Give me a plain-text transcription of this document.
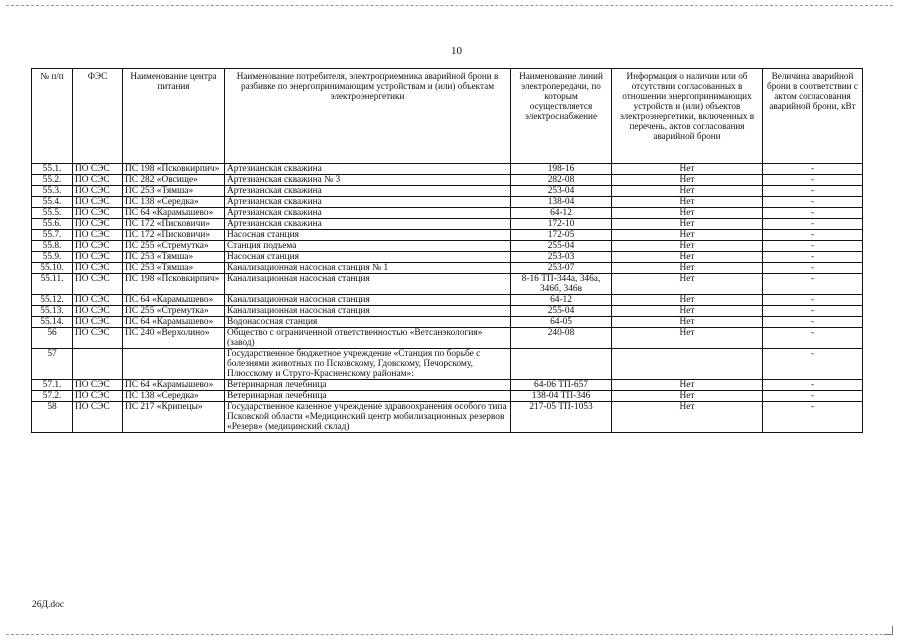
10
№ п/п	ФЭС	Наименование центра питания	Наименование потребителя, электроприемника аварийной брони в разбивке по энергопринимающим устройствам и (или) объектам электроэнергетики	Наименование линий электропередачи, по которым осуществляется электроснабжение	Информация о наличии или об отсутствии согласованных в отношении энергопринимающих устройств и (или) объектов электроэнергетики, включенных в перечень, актов согласования аварийной брони	Величина аварийной брони в соответствии с актом согласования аварийной брони, кВт
55.1.	ПО СЭС	ПС 198 «Псковкирпич»	Артезианская скважина	198-16	Нет	-
55.2.	ПО СЭС	ПС 282 «Овсище»	Артезианская скважина № 3	282-08	Нет	-
55.3.	ПО СЭС	ПС 253 «Тямша»	Артезианская скважина	253-04	Нет	-
55.4.	ПО СЭС	ПС 138 «Середка»	Артезианская скважина	138-04	Нет	-
55.5.	ПО СЭС	ПС 64 «Карамышево»	Артезианская скважина	64-12	Нет	-
55.6.	ПО СЭС	ПС 172 «Писковичи»	Артезианская скважина	172-10	Нет	-
55.7.	ПО СЭС	ПС 172 «Писковичи»	Насосная станция	172-05	Нет	-
55.8.	ПО СЭС	ПС 255 «Стремутка»	Станция подъема	255-04	Нет	-
55.9.	ПО СЭС	ПС 253 «Тямша»	Насосная станция	253-03	Нет	-
55.10.	ПО СЭС	ПС 253 «Тямша»	Канализационная насосная станция № 1	253-07	Нет	-
55.11.	ПО СЭС	ПС 198 «Псковкирпич»	Канализационная насосная станция	8-16 ТП-344а, 346а, 346б, 346в	Нет	-
55.12.	ПО СЭС	ПС 64 «Карамышево»	Канализационная насосная станция	64-12	Нет	-
55.13.	ПО СЭС	ПС 255 «Стремутка»	Канализационная насосная станция	255-04	Нет	-
55.14.	ПО СЭС	ПС 64 «Карамышево»	Водонасосная станция	64-05	Нет	-
56	ПО СЭС	ПС 240 «Верхолино»	Общество с ограниченной ответственностью «Ветсанэкология» (завод)	240-08	Нет	-
57			Государственное бюджетное учреждение «Станция по борьбе с болезнями животных по Псковскому, Гдовскому, Печорскому, Плюсскому и Струго-Красненскому районам»:			-
57.1.	ПО СЭС	ПС 64 «Карамышево»	Ветеринарная лечебница	64-06 ТП-657	Нет	-
57.2.	ПО СЭС	ПС 138 «Середка»	Ветеринарная лечебница	138-04 ТП-346	Нет	-
58	ПО СЭС	ПС 217 «Крипецы»	Государственное казенное учреждение здравоохранения особого типа Псковской области «Медицинский центр мобилизационных резервов «Резерв» (медицинский склад)	217-05 ТП-1053	Нет	-
26Д.doc
